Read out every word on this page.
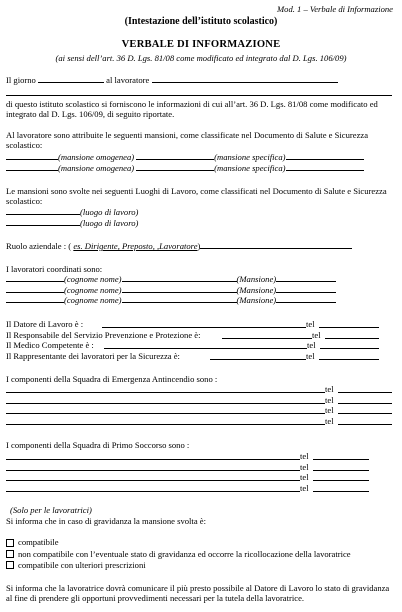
Mod. 1 – Verbale di Informazione
(Intestazione dell’istituto scolastico)
VERBALE DI INFORMAZIONE
(ai sensi dell’art. 36 D. Lgs. 81/08 come modificato ed integrato dal D. Lgs. 106/09)
Il giorno	al lavoratore
di questo istituto scolastico si forniscono le informazioni di cui all’art. 36 D. Lgs. 81/08 come modificato ed integrato dal D. Lgs. 106/09, di seguito riportate.
Al lavoratore sono attribuite le seguenti mansioni, come classificate nel Documento di Salute e Sicurezza scolastico:
(mansione omogenea)	(mansione specifica)
(mansione omogenea)	(mansione specifica)
Le mansioni sono svolte nei seguenti Luoghi di Lavoro, come classificati nel Documento di Salute e Sicurezza scolastico:
(luogo di lavoro)
(luogo di lavoro)
Ruolo aziendale : ( es. Dirigente, Preposto, ,Lavoratore)
I lavoratori coordinati sono:
(cognome nome)	(Mansione)
(cognome nome)	(Mansione)
(cognome nome)	(Mansione)
Il Datore di Lavoro è :	tel
Il Responsabile del Servizio Prevenzione e Protezione è:	tel
Il Medico Competente è :	tel
Il Rappresentante dei lavoratori per la Sicurezza è:	tel
I componenti della Squadra di Emergenza Antincendio sono :
tel
tel
tel
tel
I componenti della Squadra di Primo Soccorso sono :
tel
tel
tel
tel
(Solo per le lavoratrici)
Si informa che in caso di gravidanza la mansione svolta è:
compatibile
non compatibile con l’eventuale stato di gravidanza ed occorre la ricollocazione della lavoratrice
compatibile con ulteriori prescrizioni
Si informa che la lavoratrice dovrà comunicare il più presto possibile al Datore di Lavoro lo stato di gravidanza al fine di prendere gli opportuni provvedimenti necessari per la tutela della lavoratrice.
